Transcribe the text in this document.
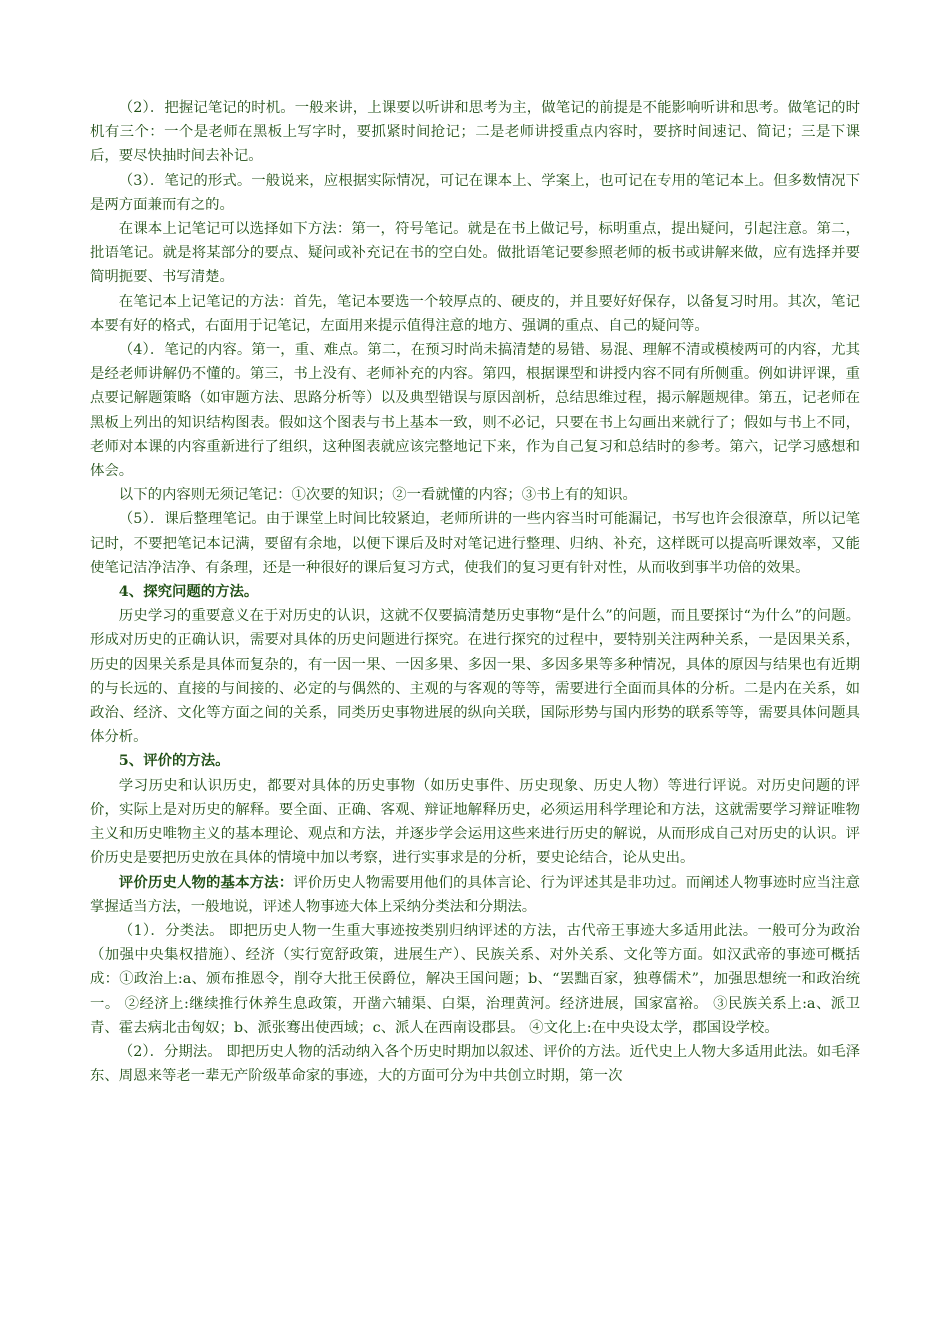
（2）．把握记笔记的时机。一般来讲，上课要以听讲和思考为主，做笔记的前提是不能影响听讲和思考。做笔记的时机有三个：一个是老师在黑板上写字时，要抓紧时间抢记；二是老师讲授重点内容时，要挤时间速记、简记；三是下课后，要尽快抽时间去补记。

（3）．笔记的形式。一般说来，应根据实际情况，可记在课本上、学案上，也可记在专用的笔记本上。但多数情况下是两方面兼而有之的。

在课本上记笔记可以选择如下方法：第一，符号笔记。就是在书上做记号，标明重点，提出疑问，引起注意。第二，批语笔记。就是将某部分的要点、疑问或补充记在书的空白处。做批语笔记要参照老师的板书或讲解来做，应有选择并要简明扼要、书写清楚。

在笔记本上记笔记的方法：首先，笔记本要选一个较厚点的、硬皮的，并且要好好保存，以备复习时用。其次，笔记本要有好的格式，右面用于记笔记，左面用来提示值得注意的地方、强调的重点、自己的疑问等。

（4）．笔记的内容。第一，重、难点。第二，在预习时尚未搞清楚的易错、易混、理解不清或模棱两可的内容，尤其是经老师讲解仍不懂的。第三，书上没有、老师补充的内容。第四，根据课型和讲授内容不同有所侧重。例如讲评课，重点要记解题策略（如审题方法、思路分析等）以及典型错误与原因剖析，总结思维过程，揭示解题规律。第五，记老师在黑板上列出的知识结构图表。假如这个图表与书上基本一致，则不必记，只要在书上勾画出来就行了；假如与书上不同，老师对本课的内容重新进行了组织，这种图表就应该完整地记下来，作为自己复习和总结时的参考。第六，记学习感想和体会。

以下的内容则无须记笔记：①次要的知识；②一看就懂的内容；③书上有的知识。

（5）．课后整理笔记。由于课堂上时间比较紧迫，老师所讲的一些内容当时可能漏记，书写也许会很潦草，所以记笔记时，不要把笔记本记满，要留有余地，以便下课后及时对笔记进行整理、归纳、补充，这样既可以提高听课效率，又能使笔记洁净洁净、有条理，还是一种很好的课后复习方式，使我们的复习更有针对性，从而收到事半功倍的效果。

4、探究问题的方法。

历史学习的重要意义在于对历史的认识，这就不仅要搞清楚历史事物“是什么”的问题，而且要探讨“为什么”的问题。形成对历史的正确认识，需要对具体的历史问题进行探究。在进行探究的过程中，要特别关注两种关系，一是因果关系，历史的因果关系是具体而复杂的，有一因一果、一因多果、多因一果、多因多果等多种情况，具体的原因与结果也有近期的与长远的、直接的与间接的、必定的与偶然的、主观的与客观的等等，需要进行全面而具体的分析。二是内在关系，如政治、经济、文化等方面之间的关系，同类历史事物进展的纵向关联，国际形势与国内形势的联系等等，需要具体问题具体分析。

5、评价的方法。

学习历史和认识历史，都要对具体的历史事物（如历史事件、历史现象、历史人物）等进行评说。对历史问题的评价，实际上是对历史的解释。要全面、正确、客观、辩证地解释历史，必须运用科学理论和方法，这就需要学习辩证唯物主义和历史唯物主义的基本理论、观点和方法，并逐步学会运用这些来进行历史的解说，从而形成自己对历史的认识。评价历史是要把历史放在具体的情境中加以考察，进行实事求是的分析，要史论结合，论从史出。

评价历史人物的基本方法：评价历史人物需要用他们的具体言论、行为评述其是非功过。而阐述人物事迹时应当注意掌握适当方法，一般地说，评述人物事迹大体上采纳分类法和分期法。

（1）．分类法。 即把历史人物一生重大事迹按类别归纳评述的方法，古代帝王事迹大多适用此法。一般可分为政治（加强中央集权措施）、经济（实行宽舒政策，进展生产）、民族关系、对外关系、文化等方面。如汉武帝的事迹可概括成：①政治上:a、颁布推恩令，削夺大批王侯爵位，解决王国问题；b、“罢黜百家，独尊儒术”，加强思想统一和政治统一。 ②经济上:继续推行休养生息政策，开凿六辅渠、白渠，治理黄河。经济进展，国家富裕。 ③民族关系上:a、派卫青、霍去病北击匈奴；b、派张骞出使西域；c、派人在西南设郡县。 ④文化上:在中央设太学，郡国设学校。

（2）．分期法。 即把历史人物的活动纳入各个历史时期加以叙述、评价的方法。近代史上人物大多适用此法。如毛泽东、周恩来等老一辈无产阶级革命家的事迹，大的方面可分为中共创立时期，第一次
